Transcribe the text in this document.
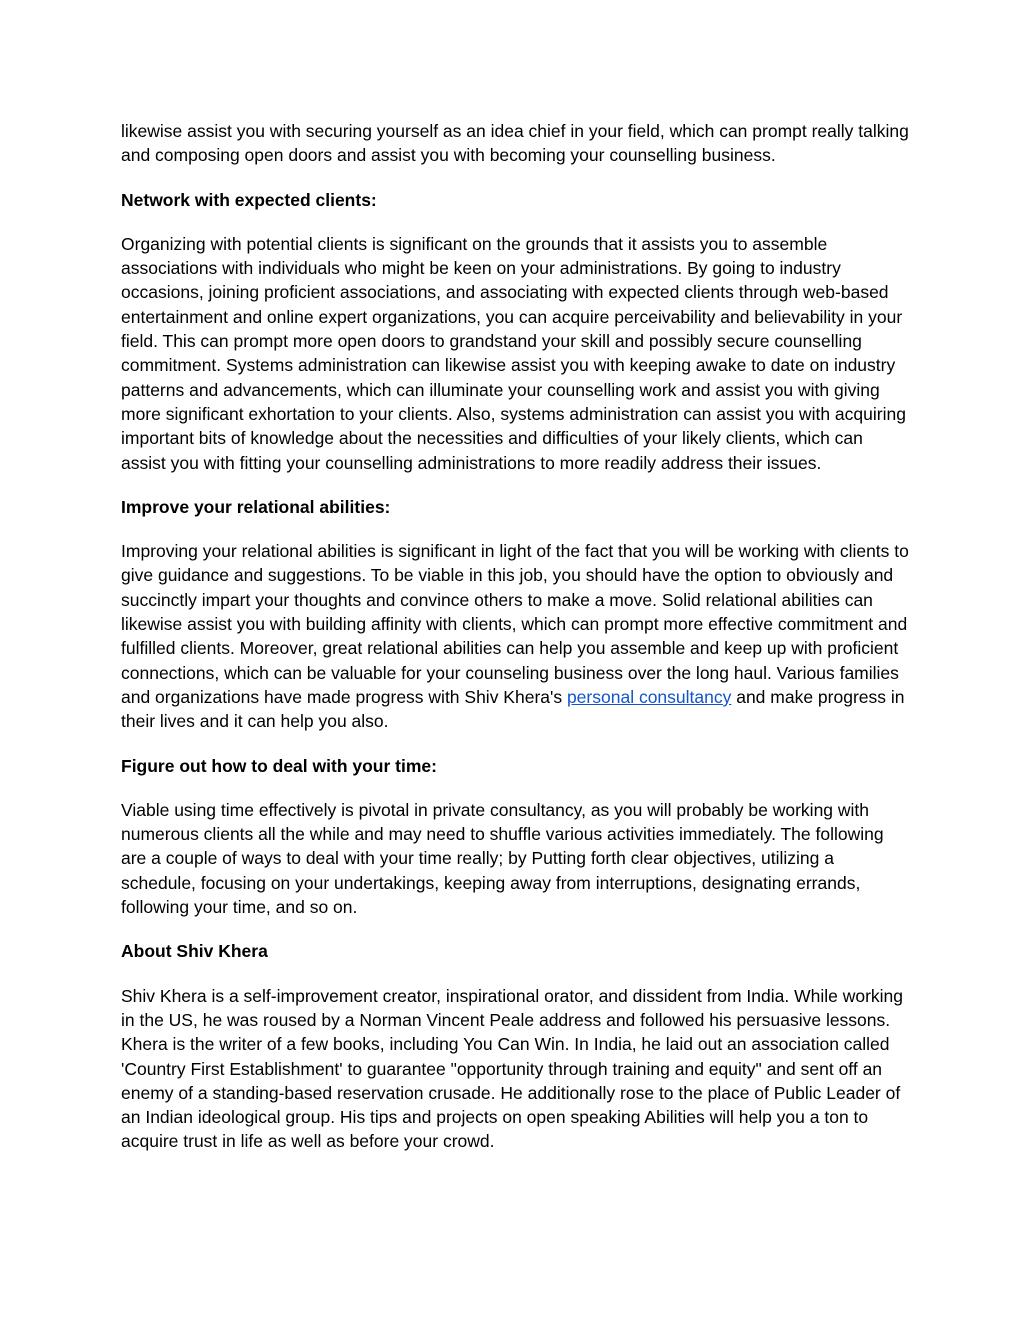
likewise assist you with securing yourself as an idea chief in your field, which can prompt really talking and composing open doors and assist you with becoming your counselling business.

Network with expected clients:

Organizing with potential clients is significant on the grounds that it assists you to assemble associations with individuals who might be keen on your administrations. By going to industry occasions, joining proficient associations, and associating with expected clients through web-based entertainment and online expert organizations, you can acquire perceivability and believability in your field. This can prompt more open doors to grandstand your skill and possibly secure counselling commitment. Systems administration can likewise assist you with keeping awake to date on industry patterns and advancements, which can illuminate your counselling work and assist you with giving more significant exhortation to your clients. Also, systems administration can assist you with acquiring important bits of knowledge about the necessities and difficulties of your likely clients, which can assist you with fitting your counselling administrations to more readily address their issues.

Improve your relational abilities:

Improving your relational abilities is significant in light of the fact that you will be working with clients to give guidance and suggestions. To be viable in this job, you should have the option to obviously and succinctly impart your thoughts and convince others to make a move. Solid relational abilities can likewise assist you with building affinity with clients, which can prompt more effective commitment and fulfilled clients. Moreover, great relational abilities can help you assemble and keep up with proficient connections, which can be valuable for your counseling business over the long haul. Various families and organizations have made progress with Shiv Khera's personal consultancy and make progress in their lives and it can help you also.

Figure out how to deal with your time:

Viable using time effectively is pivotal in private consultancy, as you will probably be working with numerous clients all the while and may need to shuffle various activities immediately. The following are a couple of ways to deal with your time really; by Putting forth clear objectives, utilizing a schedule, focusing on your undertakings, keeping away from interruptions, designating errands, following your time, and so on.

About Shiv Khera

Shiv Khera is a self-improvement creator, inspirational orator, and dissident from India. While working in the US, he was roused by a Norman Vincent Peale address and followed his persuasive lessons. Khera is the writer of a few books, including You Can Win. In India, he laid out an association called 'Country First Establishment' to guarantee "opportunity through training and equity" and sent off an enemy of a standing-based reservation crusade. He additionally rose to the place of Public Leader of an Indian ideological group. His tips and projects on open speaking Abilities will help you a ton to acquire trust in life as well as before your crowd.
